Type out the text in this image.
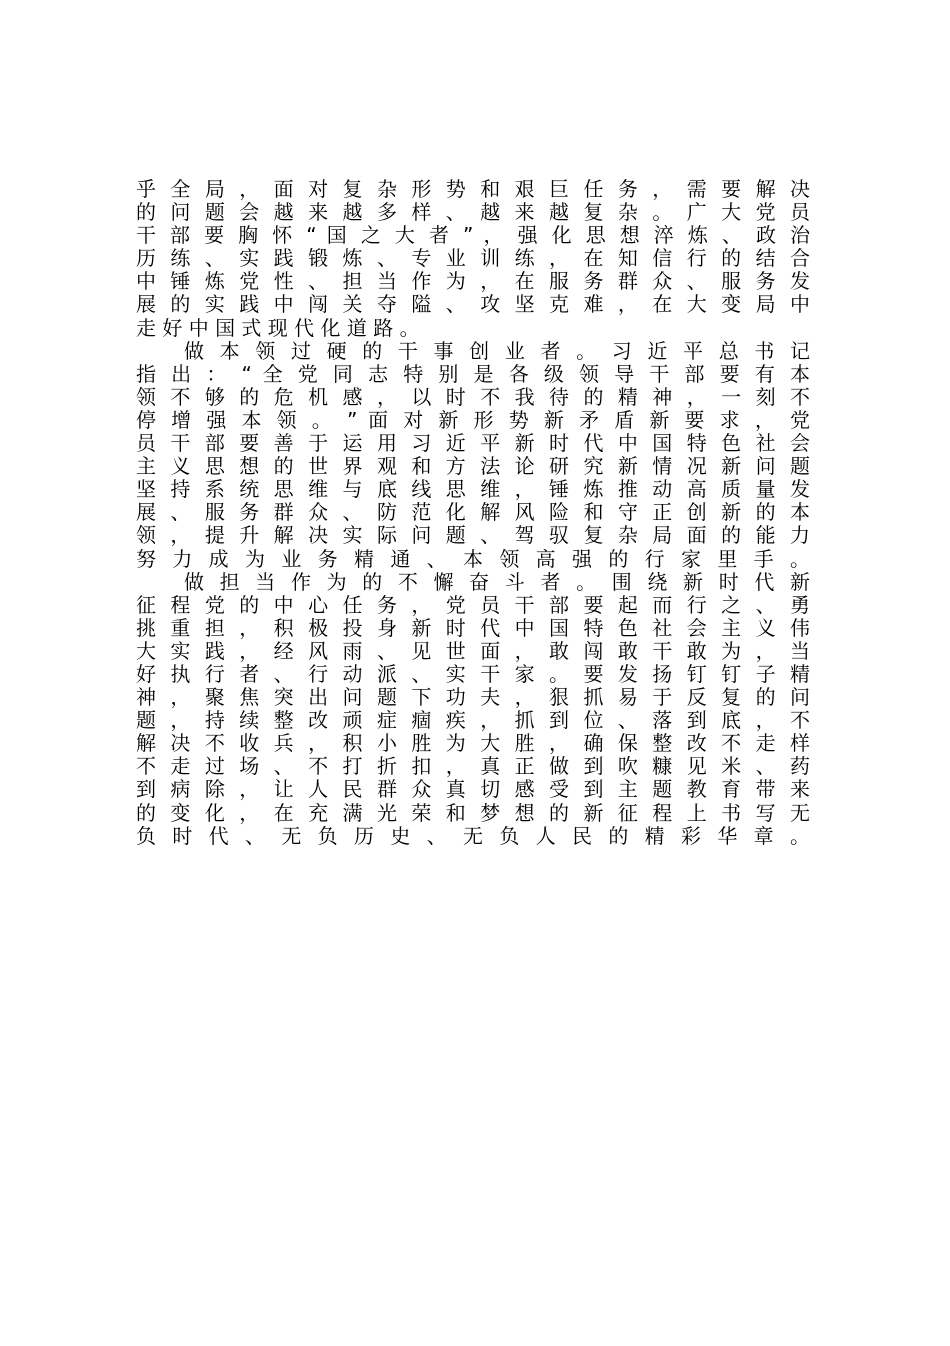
乎 全 局 ， 面 对 复 杂 形 势 和 艰 巨 任 务 ， 需 要 解 决
的 问 题 会 越 来 越 多 样 、 越 来 越 复 杂 。 广 大 党 员
干 部 要 胸 怀 “ 国 之 大 者 ” ， 强 化 思 想 淬 炼 、 政 治
历 练 、 实 践 锻 炼 、 专 业 训 练 ， 在 知 信 行 的 结 合
中 锤 炼 党 性 、 担 当 作 为 ， 在 服 务 群 众 、 服 务 发
展 的 实 践 中 闯 关 夺 隘 、 攻 坚 克 难 ， 在 大 变 局 中
走 好 中 国 式 现 代 化 道 路 。
做 本 领 过 硬 的 干 事 创 业 者 。 习 近 平 总 书 记
指 出 ： “ 全 党 同 志 特 别 是 各 级 领 导 干 部 要 有 本
领 不 够 的 危 机 感 ， 以 时 不 我 待 的 精 神 ， 一 刻 不
停 增 强 本 领 。 ” 面 对 新 形 势 新 矛 盾 新 要 求 ， 党
员 干 部 要 善 于 运 用 习 近 平 新 时 代 中 国 特 色 社 会
主 义 思 想 的 世 界 观 和 方 法 论 研 究 新 情 况 新 问 题
坚 持 系 统 思 维 与 底 线 思 维 ， 锤 炼 推 动 高 质 量 发
展 、 服 务 群 众 、 防 范 化 解 风 险 和 守 正 创 新 的 本
领 ， 提 升 解 决 实 际 问 题 、 驾 驭 复 杂 局 面 的 能 力
努 力 成 为 业 务 精 通 、 本 领 高 强 的 行 家 里 手 。
做 担 当 作 为 的 不 懈 奋 斗 者 。 围 绕 新 时 代 新
征 程 党 的 中 心 任 务 ， 党 员 干 部 要 起 而 行 之 、 勇
挑 重 担 ， 积 极 投 身 新 时 代 中 国 特 色 社 会 主 义 伟
大 实 践 ， 经 风 雨 、 见 世 面 ， 敢 闯 敢 干 敢 为 ， 当
好 执 行 者 、 行 动 派 、 实 干 家 。 要 发 扬 钉 钉 子 精
神 ， 聚 焦 突 出 问 题 下 功 夫 ， 狠 抓 易 于 反 复 的 问
题 ， 持 续 整 改 顽 症 痼 疾 ， 抓 到 位 、 落 到 底 ， 不
解 决 不 收 兵 ， 积 小 胜 为 大 胜 ， 确 保 整 改 不 走 样
不 走 过 场 、 不 打 折 扣 ， 真 正 做 到 吹 糠 见 米 、 药
到 病 除 ， 让 人 民 群 众 真 切 感 受 到 主 题 教 育 带 来
的 变 化 ， 在 充 满 光 荣 和 梦 想 的 新 征 程 上 书 写 无
负 时 代 、 无 负 历 史 、 无 负 人 民 的 精 彩 华 章 。
